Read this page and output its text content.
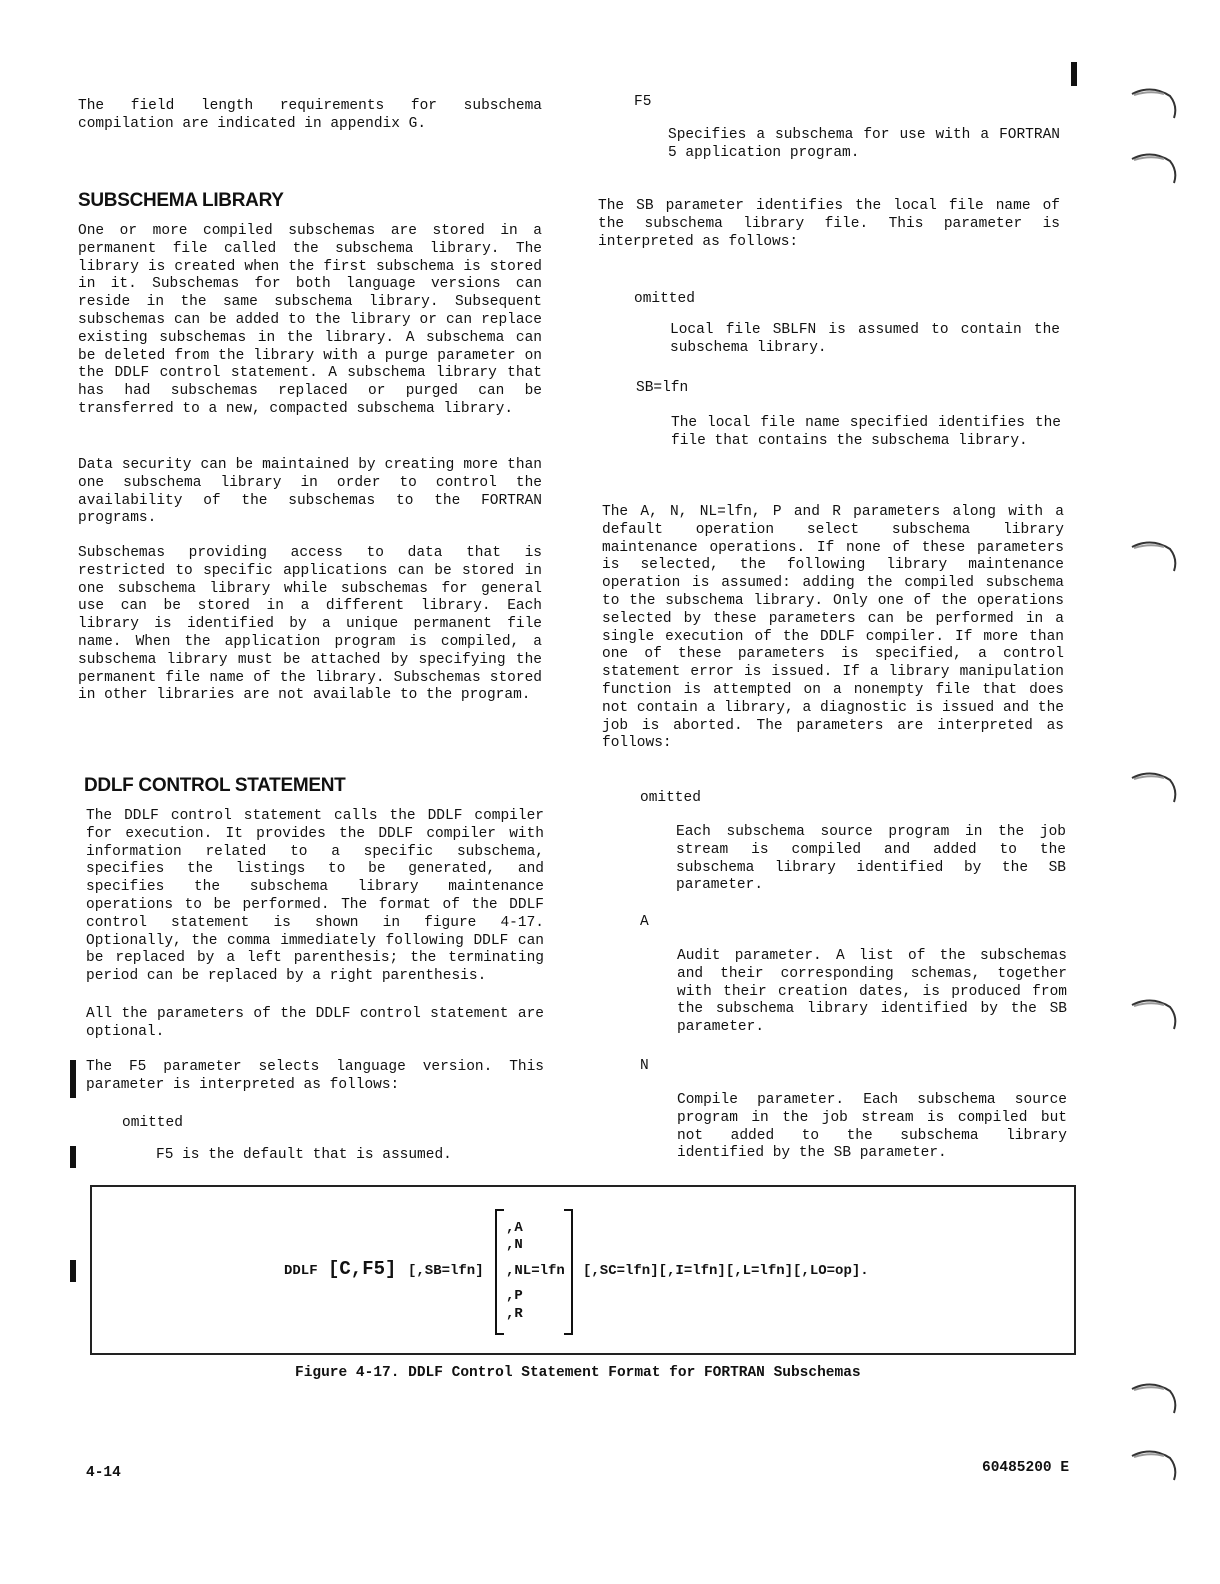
The field length requirements for subschema compilation are indicated in appendix G.
SUBSCHEMA LIBRARY
One or more compiled subschemas are stored in a permanent file called the subschema library. The library is created when the first subschema is stored in it. Subschemas for both language versions can reside in the same subschema library. Subsequent subschemas can be added to the library or can replace existing subschemas in the library. A subschema can be deleted from the library with a purge parameter on the DDLF control statement. A subschema library that has had subschemas replaced or purged can be transferred to a new, compacted subschema library.
Data security can be maintained by creating more than one subschema library in order to control the availability of the subschemas to the FORTRAN programs.
Subschemas providing access to data that is restricted to specific applications can be stored in one subschema library while subschemas for general use can be stored in a different library. Each library is identified by a unique permanent file name. When the application program is compiled, a subschema library must be attached by specifying the permanent file name of the library. Subschemas stored in other libraries are not available to the program.
DDLF CONTROL STATEMENT
The DDLF control statement calls the DDLF compiler for execution. It provides the DDLF compiler with information related to a specific subschema, specifies the listings to be generated, and specifies the subschema library maintenance operations to be performed. The format of the DDLF control statement is shown in figure 4-17. Optionally, the comma immediately following DDLF can be replaced by a left parenthesis; the terminating period can be replaced by a right parenthesis.
All the parameters of the DDLF control statement are optional.
The F5 parameter selects language version. This parameter is interpreted as follows:
omitted
F5 is the default that is assumed.
F5
Specifies a subschema for use with a FORTRAN 5 application program.
The SB parameter identifies the local file name of the subschema library file. This parameter is interpreted as follows:
omitted
Local file SBLFN is assumed to contain the subschema library.
SB=lfn
The local file name specified identifies the file that contains the subschema library.
The A, N, NL=lfn, P and R parameters along with a default operation select subschema library maintenance operations. If none of these parameters is selected, the following library maintenance operation is assumed: adding the compiled subschema to the subschema library. Only one of the operations selected by these parameters can be performed in a single execution of the DDLF compiler. If more than one of these parameters is specified, a control statement error is issued. If a library manipulation function is attempted on a nonempty file that does not contain a library, a diagnostic is issued and the job is aborted. The parameters are interpreted as follows:
omitted
Each subschema source program in the job stream is compiled and added to the subschema library identified by the SB parameter.
A
Audit parameter. A list of the subschemas and their corresponding schemas, together with their creation dates, is produced from the subschema library identified by the SB parameter.
N
Compile parameter. Each subschema source program in the job stream is compiled but not added to the subschema library identified by the SB parameter.
DDLF [C,F5] [,SB=lfn]
,A
,N
,NL=lfn
,P
,R
[,SC=lfn][,I=lfn][,L=lfn][,LO=op].
Figure 4-17. DDLF Control Statement Format for FORTRAN Subschemas
4-14	60485200 E
